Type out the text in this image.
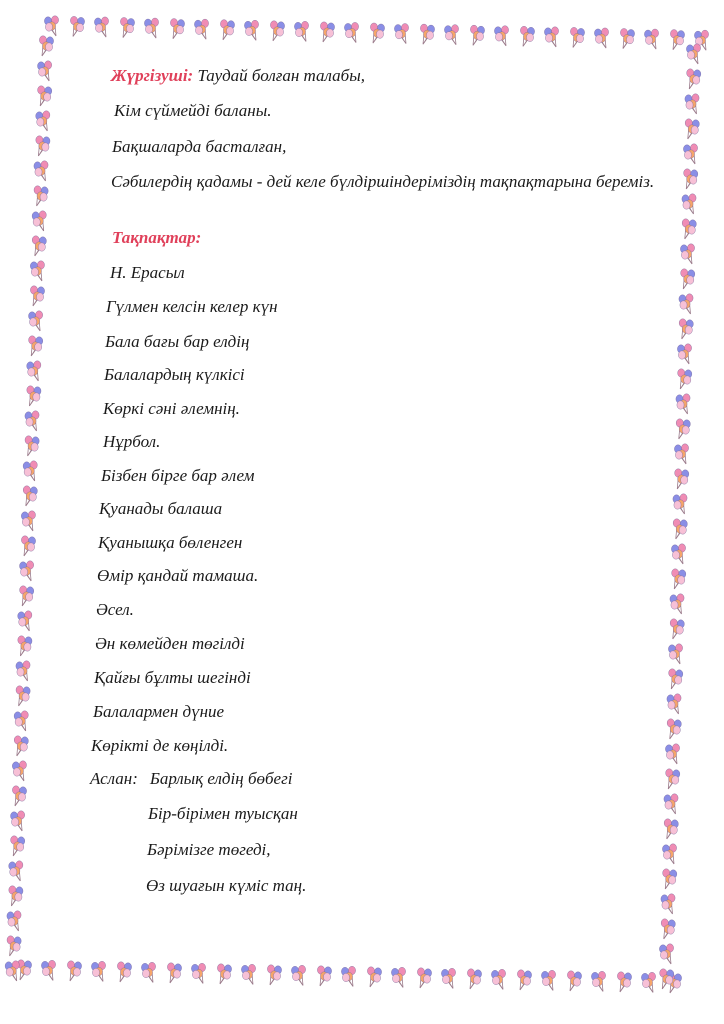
Жүргізуші: Таудай болған талабы,

Кім сүймейді баланы.

Бақшаларда басталған,

Сәбилердің қадамы - дей келе бүлдіршіндеріміздің тақпақтарына береміз.

Тақпақтар:

Н. Ерасыл

Гүлмен келсін келер күн

Бала бағы бар елдің

Балалардың күлкісі

Көркі сәні әлемнің.

Нұрбол.

Бізбен бірге бар әлем

Қуанады балаша

Қуанышқа бөленген

Өмір қандай тамаша.

Әсел.

Ән көмейден төгілді

Қайғы бұлты шегінді

Балалармен дүние

Көрікті де көңілді.

Аслан: Барлық елдің бөбегі

Бір-бірімен туысқан

Бәрімізге төгеді,

Өз шуағын күміс таң.
